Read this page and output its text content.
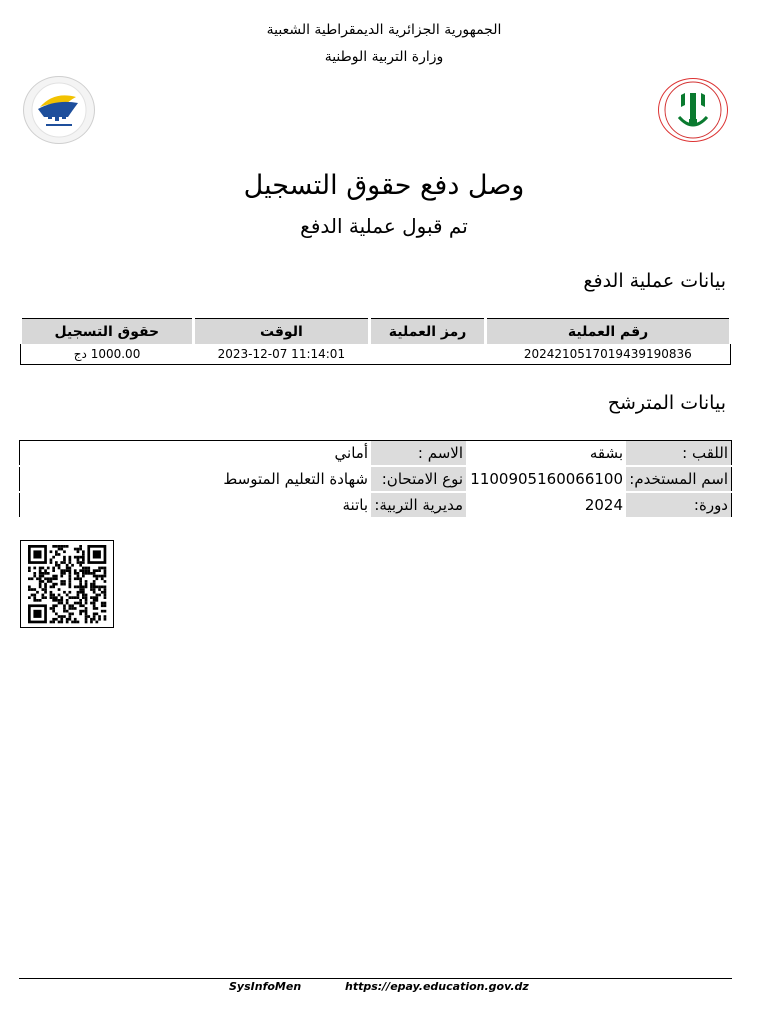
الجمهورية الجزائرية الديمقراطية الشعبية
وزارة التربية الوطنية
وصل دفع حقوق التسجيل
تم قبول عملية الدفع
بيانات عملية الدفع
رقم العملية	رمز العملية	الوقت	حقوق التسجيل
20242105170194391908‎36		2023-12-07 11:14:01	1000.00 دج
بيانات المترشح
اللقب :	بشقه	الاسم :	أماني
اسم المستخدم:	1100905160066100	نوع الامتحان:	شهادة التعليم المتوسط
دورة:	2024	مديرية التربية:	باتنة
SysInfoMen	https://epay.education.gov.dz
